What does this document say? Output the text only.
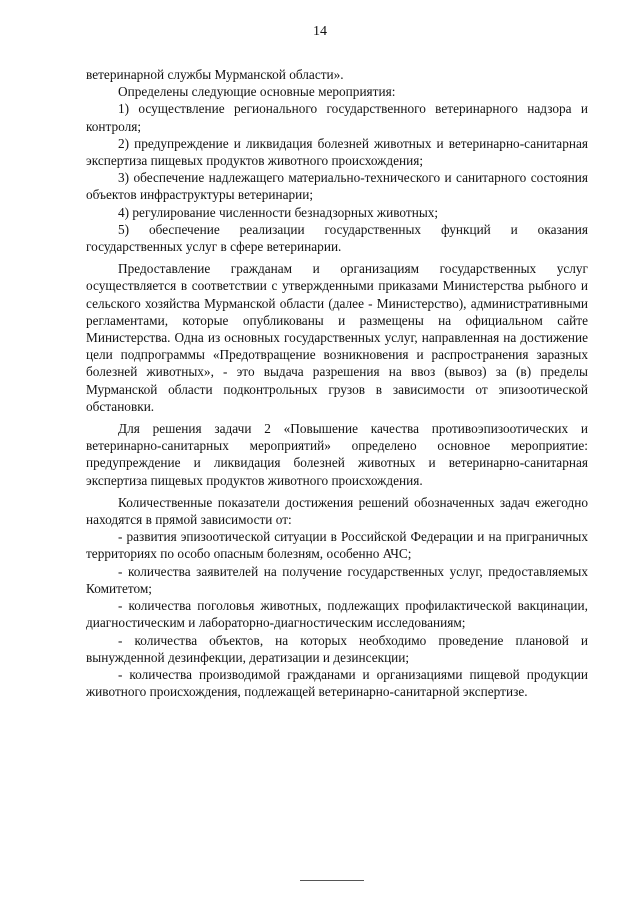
14

ветеринарной службы Мурманской области».

Определены следующие основные мероприятия:

1) осуществление регионального государственного ветеринарного надзора и контроля;

2) предупреждение и ликвидация болезней животных и ветеринарно-санитарная экспертиза пищевых продуктов животного происхождения;

3) обеспечение надлежащего материально-технического и санитарного состояния объектов инфраструктуры ветеринарии;

4) регулирование численности безнадзорных животных;

5) обеспечение реализации государственных функций и оказания государственных услуг в сфере ветеринарии.

Предоставление гражданам и организациям государственных услуг осуществляется в соответствии с утвержденными приказами Министерства рыбного и сельского хозяйства Мурманской области (далее - Министерство), административными регламентами, которые опубликованы и размещены на официальном сайте Министерства. Одна из основных государственных услуг, направленная на достижение цели подпрограммы «Предотвращение возникновения и распространения заразных болезней животных», - это выдача разрешения на ввоз (вывоз) за (в) пределы Мурманской области подконтрольных грузов в зависимости от эпизоотической обстановки.

Для решения задачи 2 «Повышение качества противоэпизоотических и ветеринарно-санитарных мероприятий» определено основное мероприятие: предупреждение и ликвидация болезней животных и ветеринарно-санитарная экспертиза пищевых продуктов животного происхождения.

Количественные показатели достижения решений обозначенных задач ежегодно находятся в прямой зависимости от:

- развития эпизоотической ситуации в Российской Федерации и на приграничных территориях по особо опасным болезням, особенно АЧС;

- количества заявителей на получение государственных услуг, предоставляемых Комитетом;

- количества поголовья животных, подлежащих профилактической вакцинации, диагностическим и лабораторно-диагностическим исследованиям;

- количества объектов, на которых необходимо проведение плановой и вынужденной дезинфекции, дератизации и дезинсекции;

- количества производимой гражданами и организациями пищевой продукции животного происхождения, подлежащей ветеринарно-санитарной экспертизе.
